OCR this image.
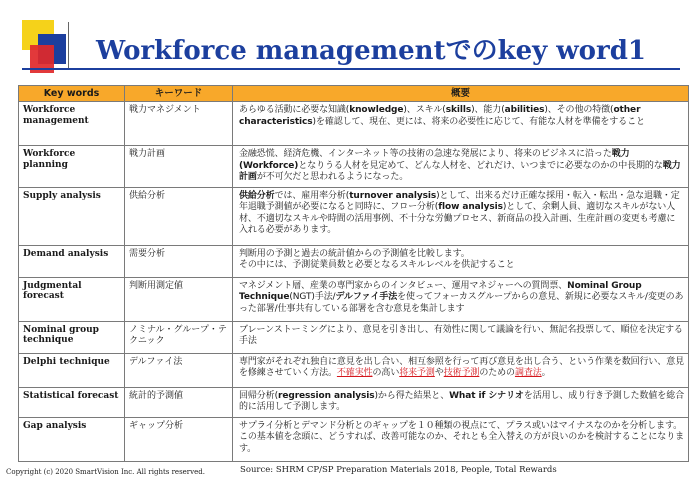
Workforce managementでのkey word1
Key words	キーワード	概要
Workforce management	戦力マネジメント	あらゆる活動に必要な知識(knowledge)、スキル(skills)、能力(abilities)、その他の特徴(other characteristics)を確認して、現在、更には、将来の必要性に応じて、有能な人材を準備をすること
Workforce planning	戦力計画	金融恐慌、経済危機、インターネット等の技術の急速な発展により、将来のビジネスに沿った戦力(Workforce)となりうる人材を見定めて、どんな人材を、どれだけ、いつまでに必要なのかの中長期的な戦力計画が不可欠だと思われるようになった。
Supply analysis	供給分析	供給分析では、雇用率分析(turnover analysis)として、出来るだけ正確な採用・転入・転出・急な退職・定年退職予測値が必要になると同時に、フロー分析(flow analysis)として、余剰人員、適切なスキルがない人材、不適切なスキルや時間の活用事例、不十分な労働プロセス、新商品の投入計画、生産計画の変更も考慮に入れる必要があります。
Demand analysis	需要分析	判断用の予測と過去の統計値からの予測値を比較します。
その中には、予測従業員数と必要となるスキルレベルを供記すること
Judgmental forecast	判断用測定値	マネジメント層、産業の専門家からのインタビュー、運用マネジャーへの質問票、Nominal Group Technique(NGT)手法/デルファイ手法を使ってフォーカスグループからの意見、新規に必要なスキル/変更のあった部署/仕事共有している部署を含む意見を集計します
Nominal group technique	ノミナル・グループ・テクニック	ブレーンストーミングにより、意見を引き出し、有効性に関して議論を行い、無記名投票して、順位を決定する手法
Delphi technique	デルファイ法	専門家がそれぞれ独自に意見を出し合い、相互参照を行って再び意見を出し合う、という作業を数回行い、意見を修練させていく方法。不確実性の高い将来予測や技術予測のための調査法。
Statistical forecast	統計的予測値	回帰分析(regression analysis)から得た結果と、What if シナリオを活用し、成り行き予測した数値を総合的に活用して予測します。
Gap analysis	ギャップ分析	サプライ分析とデマンド分析とのギャップを１０種類の視点にて、プラス或いはマイナスなのかを分析します。この基本値を念頭に、どうすれば、改善可能なのか、それとも全入替えの方が良いのかを検討することになります。
Copyright (c) 2020 SmartVision Inc. All rights reserved.	Source: SHRM CP/SP Preparation Materials 2018, People, Total Rewards
